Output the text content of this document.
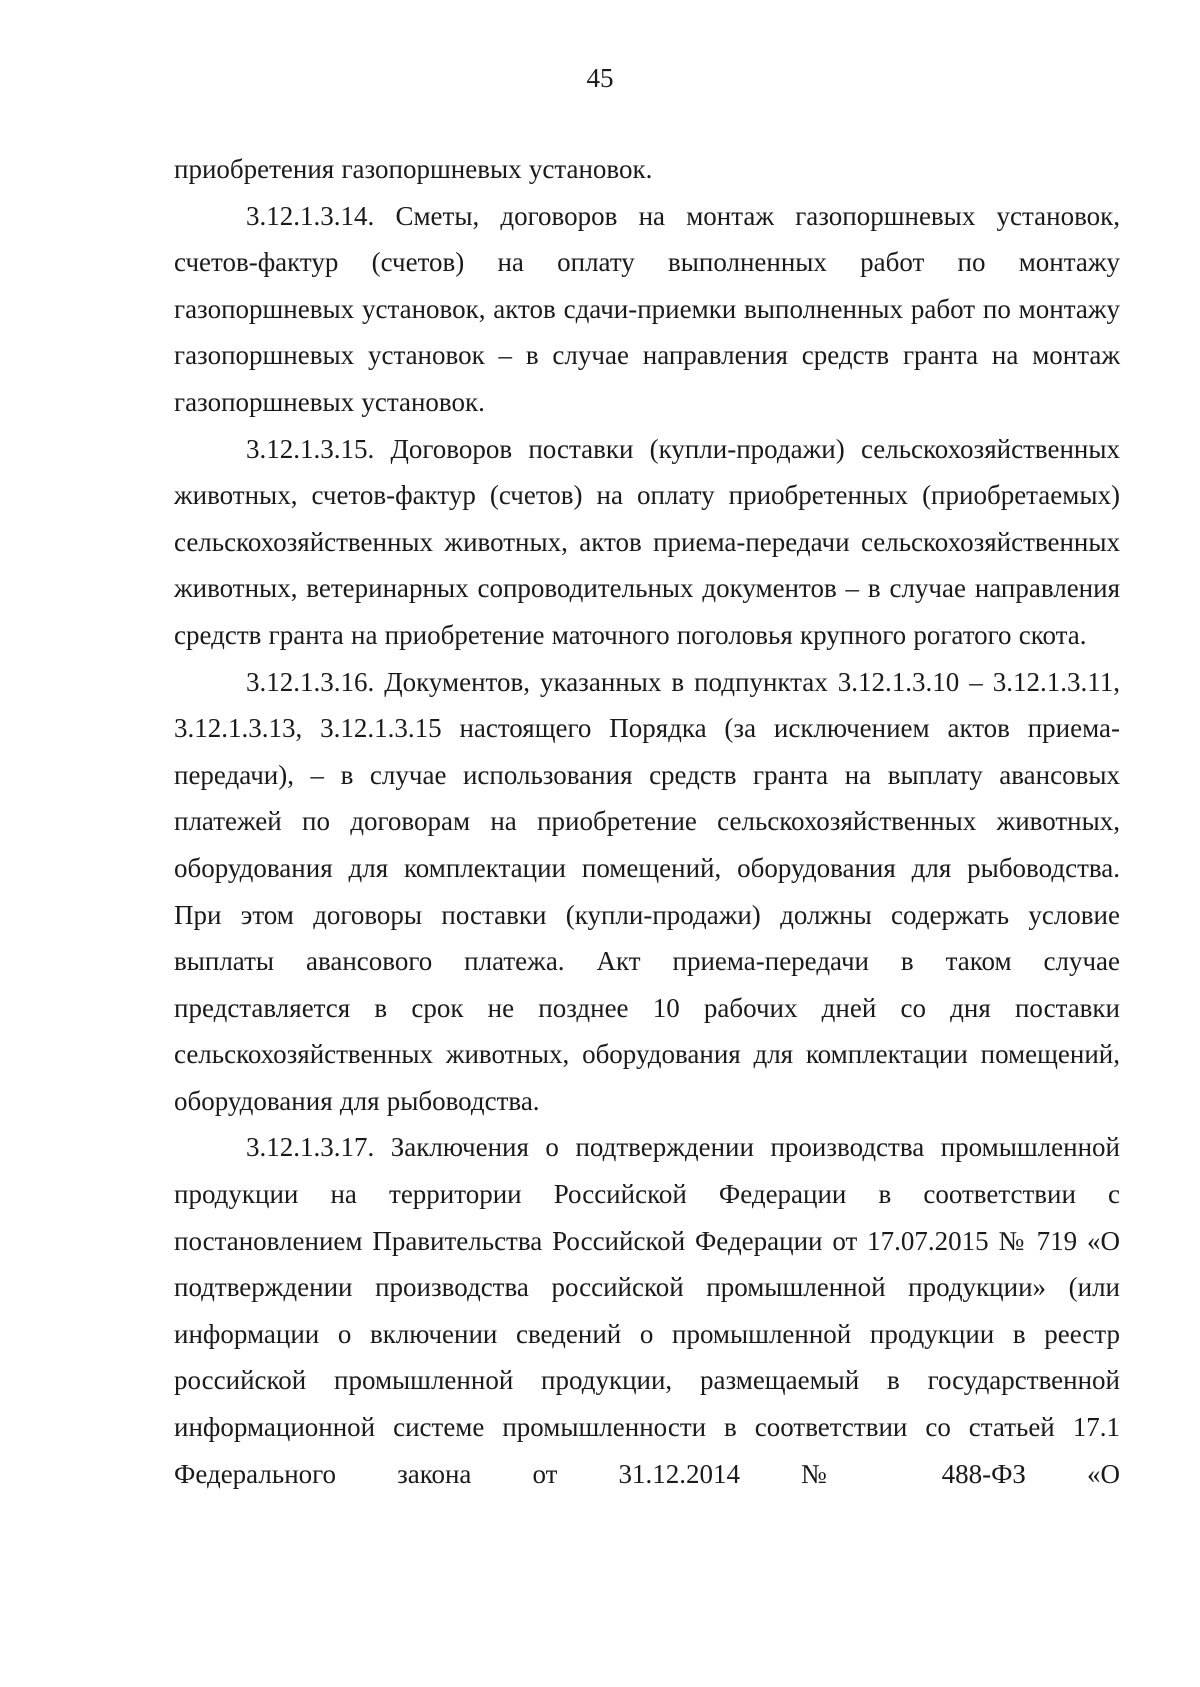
45

приобретения газопоршневых установок.

3.12.1.3.14. Сметы, договоров на монтаж газопоршневых установок, счетов-фактур (счетов) на оплату выполненных работ по монтажу газопоршневых установок, актов сдачи-приемки выполненных работ по монтажу газопоршневых установок – в случае направления средств гранта на монтаж газопоршневых установок.

3.12.1.3.15. Договоров поставки (купли-продажи) сельскохозяйственных животных, счетов-фактур (счетов) на оплату приобретенных (приобретаемых) сельскохозяйственных животных, актов приема-передачи сельскохозяйственных животных, ветеринарных сопроводительных документов – в случае направления средств гранта на приобретение маточного поголовья крупного рогатого скота.

3.12.1.3.16. Документов, указанных в подпунктах 3.12.1.3.10 – 3.12.1.3.11, 3.12.1.3.13, 3.12.1.3.15 настоящего Порядка (за исключением актов приема-передачи), – в случае использования средств гранта на выплату авансовых платежей по договорам на приобретение сельскохозяйственных животных, оборудования для комплектации помещений, оборудования для рыбоводства. При этом договоры поставки (купли-продажи) должны содержать условие выплаты авансового платежа. Акт приема-передачи в таком случае представляется в срок не позднее 10 рабочих дней со дня поставки сельскохозяйственных животных, оборудования для комплектации помещений, оборудования для рыбоводства.

3.12.1.3.17. Заключения о подтверждении производства промышленной продукции на территории Российской Федерации в соответствии с постановлением Правительства Российской Федерации от 17.07.2015 № 719 «О подтверждении производства российской промышленной продукции» (или информации о включении сведений о промышленной продукции в реестр российской промышленной продукции, размещаемый в государственной информационной системе промышленности в соответствии со статьей 17.1 Федерального закона от 31.12.2014 № 488-ФЗ «О
